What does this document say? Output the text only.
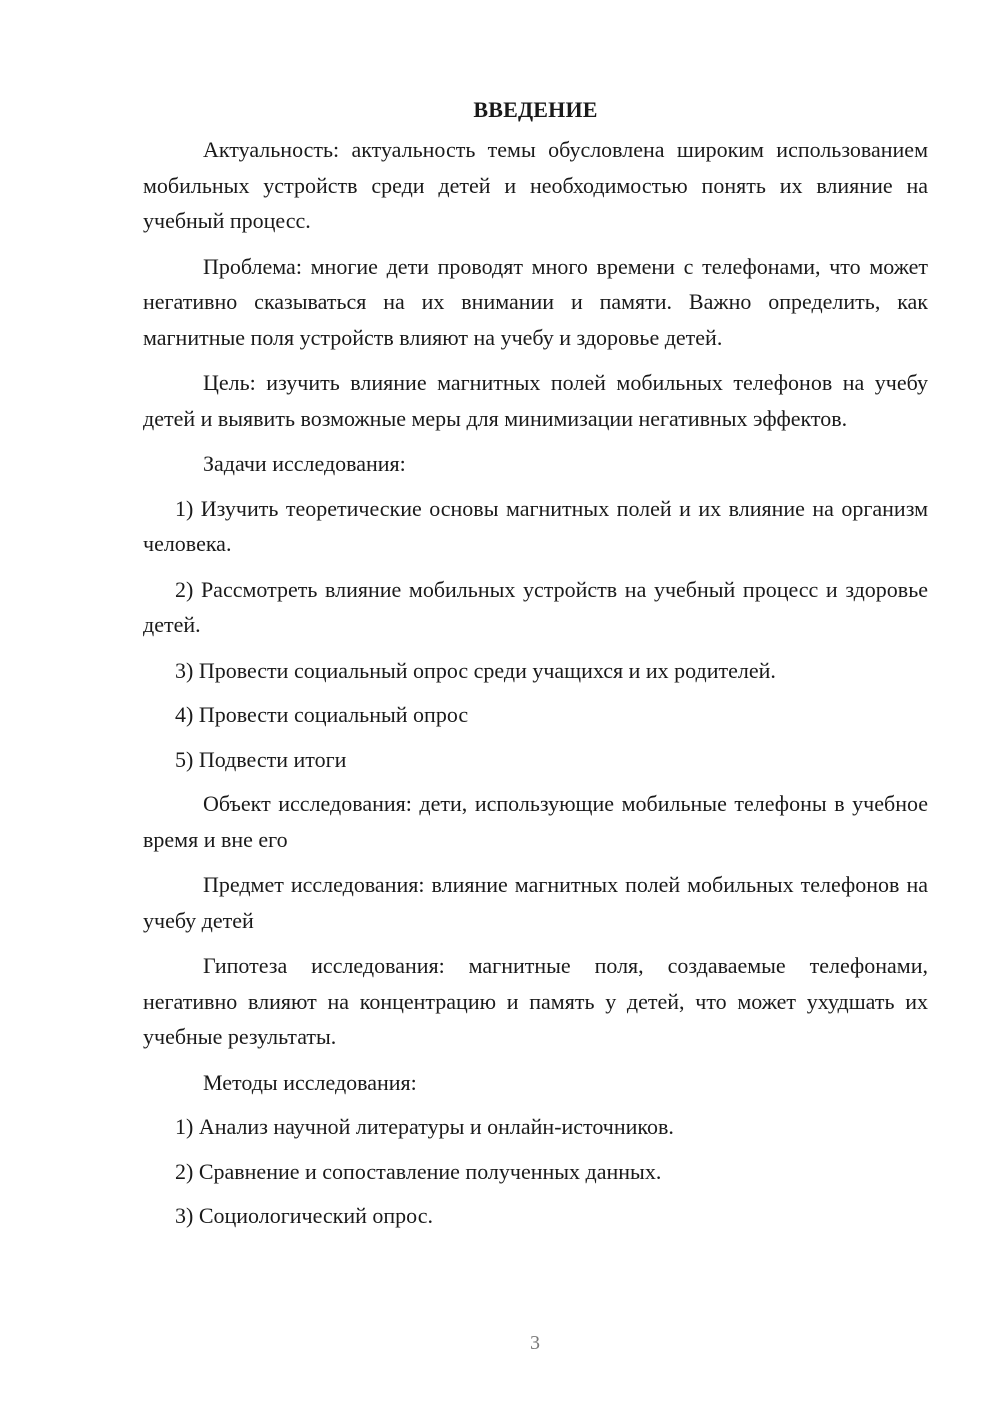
ВВЕДЕНИЕ

Актуальность: актуальность темы обусловлена широким использованием мобильных устройств среди детей и необходимостью понять их влияние на учебный процесс.

Проблема: многие дети проводят много времени с телефонами, что может негативно сказываться на их внимании и памяти. Важно определить, как магнитные поля устройств влияют на учебу и здоровье детей.

Цель: изучить влияние магнитных полей мобильных телефонов на учебу детей и выявить возможные меры для минимизации негативных эффектов.

Задачи исследования:

1) Изучить теоретические основы магнитных полей и их влияние на организм человека.

2) Рассмотреть влияние мобильных устройств на учебный процесс и здоровье детей.

3) Провести социальный опрос среди учащихся и их родителей.

4) Провести социальный опрос

5) Подвести итоги

Объект исследования: дети, использующие мобильные телефоны в учебное время и вне его

Предмет исследования: влияние магнитных полей мобильных телефонов на учебу детей

Гипотеза исследования: магнитные поля, создаваемые телефонами, негативно влияют на концентрацию и память у детей, что может ухудшать их учебные результаты.

Методы исследования:

1) Анализ научной литературы и онлайн-источников.

2) Сравнение и сопоставление полученных данных.

3) Социологический опрос.

3
